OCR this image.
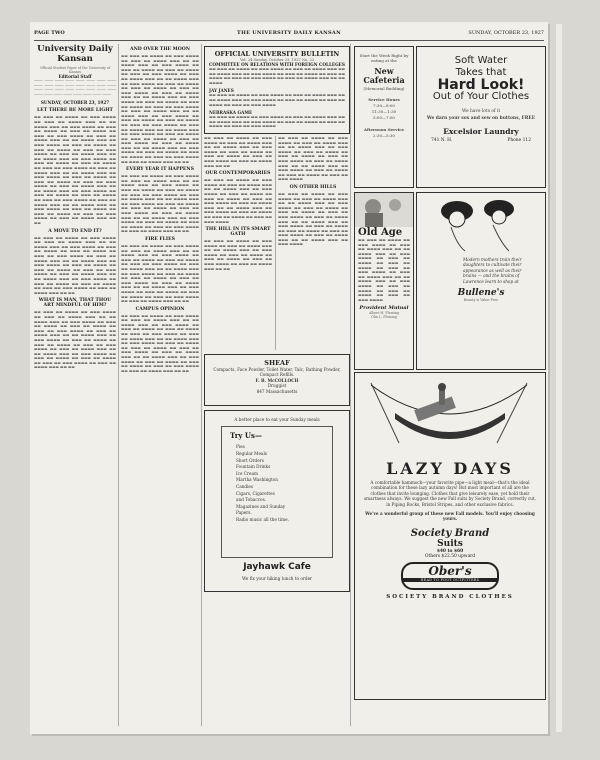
PAGE TWO	THE UNIVERSITY DAILY KANSAN	SUNDAY, OCTOBER 23, 1927
University Daily Kansan
Official Student Paper of the University of Kansas
Editorial Staff
──── ──── ──── ──── ──── ──── ──── ──── ──── ──── ──── ──── ──── ──── ──── ──── ──── ──── ──── ──── ──── ──── ──── ──── ──── ──── ──── ──── ──── ──── ──── ────
SUNDAY, OCTOBER 23, 1927
LET THERE BE MORE LIGHT
▬▬ ▬▬▬ ▬▬ ▬▬▬▬ ▬▬ ▬▬▬ ▬▬▬▬ ▬▬ ▬▬▬ ▬▬ ▬▬▬▬ ▬▬▬ ▬▬ ▬▬ ▬▬▬▬ ▬▬▬ ▬▬ ▬▬▬ ▬▬▬▬ ▬▬ ▬▬▬ ▬▬ ▬▬▬▬ ▬▬ ▬▬▬ ▬▬ ▬▬▬▬ ▬▬ ▬▬▬ ▬▬ ▬▬▬ ▬▬▬▬ ▬▬ ▬▬▬ ▬▬ ▬▬▬▬ ▬▬▬ ▬▬ ▬▬ ▬▬▬▬ ▬▬▬ ▬▬ ▬▬▬ ▬▬▬▬ ▬▬ ▬▬▬ ▬▬ ▬▬▬▬ ▬▬ ▬▬▬ ▬▬ ▬▬▬▬ ▬▬ ▬▬▬ ▬▬ ▬▬▬ ▬▬▬▬ ▬▬ ▬▬▬ ▬▬ ▬▬▬▬ ▬▬▬ ▬▬ ▬▬ ▬▬▬▬ ▬▬▬ ▬▬ ▬▬▬ ▬▬▬▬ ▬▬ ▬▬▬ ▬▬ ▬▬▬▬ ▬▬ ▬▬▬ ▬▬ ▬▬▬▬ ▬▬ ▬▬▬ ▬▬ ▬▬▬ ▬▬▬▬ ▬▬ ▬▬▬ ▬▬ ▬▬▬▬ ▬▬▬ ▬▬ ▬▬ ▬▬▬▬ ▬▬▬ ▬▬ ▬▬▬ ▬▬▬▬ ▬▬ ▬▬▬ ▬▬ ▬▬▬▬ ▬▬ ▬▬▬ ▬▬ ▬▬▬▬ ▬▬ ▬▬▬ ▬▬ ▬▬▬ ▬▬▬▬ ▬▬ ▬▬▬ ▬▬ ▬▬▬▬ ▬▬▬ ▬▬ ▬▬ ▬▬▬▬ ▬▬▬ ▬▬ ▬▬▬ ▬▬▬▬ ▬▬ ▬▬▬ ▬▬ ▬▬▬▬ ▬▬ ▬▬▬ ▬▬ ▬▬▬▬ ▬▬ ▬▬▬ ▬▬ ▬▬▬ ▬▬▬▬ ▬▬ ▬▬▬ ▬▬ ▬▬▬▬ ▬▬▬ ▬▬ ▬▬ ▬▬▬▬ ▬▬▬ ▬▬ ▬▬▬ ▬▬▬▬ ▬▬ ▬▬▬ ▬▬ ▬▬▬▬ ▬▬ ▬▬▬ ▬▬ ▬▬▬▬ ▬▬ ▬▬▬ ▬▬ ▬▬▬ ▬▬▬▬ ▬▬ ▬▬▬ ▬▬ ▬▬▬▬ ▬▬▬ ▬▬ ▬▬
A MOVE TO END IT?
▬▬ ▬▬▬ ▬▬ ▬▬▬▬ ▬▬ ▬▬▬ ▬▬▬▬ ▬▬ ▬▬▬ ▬▬ ▬▬▬▬ ▬▬▬ ▬▬ ▬▬ ▬▬▬▬ ▬▬▬ ▬▬ ▬▬▬ ▬▬▬▬ ▬▬ ▬▬▬ ▬▬ ▬▬▬▬ ▬▬ ▬▬▬ ▬▬ ▬▬▬▬ ▬▬ ▬▬▬ ▬▬ ▬▬▬ ▬▬▬▬ ▬▬ ▬▬▬ ▬▬ ▬▬▬▬ ▬▬▬ ▬▬ ▬▬ ▬▬▬▬ ▬▬▬ ▬▬ ▬▬▬ ▬▬▬▬ ▬▬ ▬▬▬ ▬▬ ▬▬▬▬ ▬▬ ▬▬▬ ▬▬ ▬▬▬▬ ▬▬ ▬▬▬ ▬▬ ▬▬▬ ▬▬▬▬ ▬▬ ▬▬▬ ▬▬ ▬▬▬▬ ▬▬▬ ▬▬ ▬▬ ▬▬▬▬ ▬▬▬ ▬▬ ▬▬▬ ▬▬▬▬ ▬▬ ▬▬▬ ▬▬ ▬▬▬▬ ▬▬ ▬▬▬ ▬▬ ▬▬▬▬ ▬▬ ▬▬▬ ▬▬ ▬▬▬ ▬▬▬▬ ▬▬ ▬▬▬ ▬▬ ▬▬▬▬ ▬▬▬ ▬▬ ▬▬
WHAT IS MAN, THAT THOU ART MINDFUL OF HIM?
▬▬ ▬▬▬ ▬▬ ▬▬▬▬ ▬▬ ▬▬▬ ▬▬▬▬ ▬▬ ▬▬▬ ▬▬ ▬▬▬▬ ▬▬▬ ▬▬ ▬▬ ▬▬▬▬ ▬▬▬ ▬▬ ▬▬▬ ▬▬▬▬ ▬▬ ▬▬▬ ▬▬ ▬▬▬▬ ▬▬ ▬▬▬ ▬▬ ▬▬▬▬ ▬▬ ▬▬▬ ▬▬ ▬▬▬ ▬▬▬▬ ▬▬ ▬▬▬ ▬▬ ▬▬▬▬ ▬▬▬ ▬▬ ▬▬ ▬▬▬▬ ▬▬▬ ▬▬ ▬▬▬ ▬▬▬▬ ▬▬ ▬▬▬ ▬▬ ▬▬▬▬ ▬▬ ▬▬▬ ▬▬ ▬▬▬▬ ▬▬ ▬▬▬ ▬▬ ▬▬▬ ▬▬▬▬ ▬▬ ▬▬▬ ▬▬ ▬▬▬▬ ▬▬▬ ▬▬ ▬▬ ▬▬▬▬ ▬▬▬ ▬▬ ▬▬▬ ▬▬▬▬ ▬▬ ▬▬▬ ▬▬ ▬▬▬▬ ▬▬ ▬▬▬ ▬▬ ▬▬▬▬ ▬▬ ▬▬▬ ▬▬ ▬▬▬ ▬▬▬▬ ▬▬ ▬▬▬ ▬▬ ▬▬▬▬ ▬▬▬ ▬▬ ▬▬
AND OVER THE MOON
▬▬ ▬▬▬ ▬▬ ▬▬▬▬ ▬▬ ▬▬▬ ▬▬▬▬ ▬▬ ▬▬▬ ▬▬ ▬▬▬▬ ▬▬▬ ▬▬ ▬▬ ▬▬▬▬ ▬▬▬ ▬▬ ▬▬▬ ▬▬▬▬ ▬▬ ▬▬▬ ▬▬ ▬▬▬▬ ▬▬ ▬▬▬ ▬▬ ▬▬▬▬ ▬▬ ▬▬▬ ▬▬ ▬▬▬ ▬▬▬▬ ▬▬ ▬▬▬ ▬▬ ▬▬▬▬ ▬▬▬ ▬▬ ▬▬ ▬▬▬▬ ▬▬▬ ▬▬ ▬▬▬ ▬▬▬▬ ▬▬ ▬▬▬ ▬▬ ▬▬▬▬ ▬▬ ▬▬▬ ▬▬ ▬▬▬▬ ▬▬ ▬▬▬ ▬▬ ▬▬▬ ▬▬▬▬ ▬▬ ▬▬▬ ▬▬ ▬▬▬▬ ▬▬▬ ▬▬ ▬▬ ▬▬▬▬ ▬▬▬ ▬▬ ▬▬▬ ▬▬▬▬ ▬▬ ▬▬▬ ▬▬ ▬▬▬▬ ▬▬ ▬▬▬ ▬▬ ▬▬▬▬ ▬▬ ▬▬▬ ▬▬ ▬▬▬ ▬▬▬▬ ▬▬ ▬▬▬ ▬▬ ▬▬▬▬ ▬▬▬ ▬▬ ▬▬ ▬▬▬▬ ▬▬▬ ▬▬ ▬▬▬ ▬▬▬▬ ▬▬ ▬▬▬ ▬▬ ▬▬▬▬ ▬▬ ▬▬▬ ▬▬ ▬▬▬▬ ▬▬ ▬▬▬ ▬▬ ▬▬▬ ▬▬▬▬ ▬▬ ▬▬▬ ▬▬ ▬▬▬▬ ▬▬▬ ▬▬ ▬▬ ▬▬▬▬ ▬▬▬ ▬▬ ▬▬▬ ▬▬▬▬ ▬▬ ▬▬▬ ▬▬ ▬▬▬▬ ▬▬ ▬▬▬ ▬▬ ▬▬▬▬ ▬▬ ▬▬▬ ▬▬ ▬▬▬ ▬▬▬▬ ▬▬ ▬▬▬ ▬▬ ▬▬▬▬ ▬▬▬ ▬▬ ▬▬ ▬▬▬▬ ▬▬▬ ▬▬ ▬▬▬ ▬▬▬▬ ▬▬ ▬▬▬ ▬▬ ▬▬▬▬ ▬▬ ▬▬▬ ▬▬ ▬▬▬▬ ▬▬ ▬▬▬ ▬▬ ▬▬▬ ▬▬▬▬ ▬▬ ▬▬▬ ▬▬ ▬▬▬▬ ▬▬▬ ▬▬ ▬▬
EVERY YEAR IT HAPPENS
▬▬ ▬▬▬ ▬▬ ▬▬▬▬ ▬▬ ▬▬▬ ▬▬▬▬ ▬▬ ▬▬▬ ▬▬ ▬▬▬▬ ▬▬▬ ▬▬ ▬▬ ▬▬▬▬ ▬▬▬ ▬▬ ▬▬▬ ▬▬▬▬ ▬▬ ▬▬▬ ▬▬ ▬▬▬▬ ▬▬ ▬▬▬ ▬▬ ▬▬▬▬ ▬▬ ▬▬▬ ▬▬ ▬▬▬ ▬▬▬▬ ▬▬ ▬▬▬ ▬▬ ▬▬▬▬ ▬▬▬ ▬▬ ▬▬ ▬▬▬▬ ▬▬▬ ▬▬ ▬▬▬ ▬▬▬▬ ▬▬ ▬▬▬ ▬▬ ▬▬▬▬ ▬▬ ▬▬▬ ▬▬ ▬▬▬▬ ▬▬ ▬▬▬ ▬▬ ▬▬▬ ▬▬▬▬ ▬▬ ▬▬▬ ▬▬ ▬▬▬▬ ▬▬▬ ▬▬ ▬▬ ▬▬▬▬ ▬▬▬ ▬▬ ▬▬▬ ▬▬▬▬ ▬▬ ▬▬▬ ▬▬ ▬▬▬▬ ▬▬ ▬▬▬ ▬▬ ▬▬▬▬ ▬▬ ▬▬▬ ▬▬ ▬▬▬ ▬▬▬▬ ▬▬ ▬▬▬ ▬▬ ▬▬▬▬ ▬▬▬ ▬▬ ▬▬
FIRE FLIES
▬▬ ▬▬▬ ▬▬ ▬▬▬▬ ▬▬ ▬▬▬ ▬▬▬▬ ▬▬ ▬▬▬ ▬▬ ▬▬▬▬ ▬▬▬ ▬▬ ▬▬ ▬▬▬▬ ▬▬▬ ▬▬ ▬▬▬ ▬▬▬▬ ▬▬ ▬▬▬ ▬▬ ▬▬▬▬ ▬▬ ▬▬▬ ▬▬ ▬▬▬▬ ▬▬ ▬▬▬ ▬▬ ▬▬▬ ▬▬▬▬ ▬▬ ▬▬▬ ▬▬ ▬▬▬▬ ▬▬▬ ▬▬ ▬▬ ▬▬▬▬ ▬▬▬ ▬▬ ▬▬▬ ▬▬▬▬ ▬▬ ▬▬▬ ▬▬ ▬▬▬▬ ▬▬ ▬▬▬ ▬▬ ▬▬▬▬ ▬▬ ▬▬▬ ▬▬ ▬▬▬ ▬▬▬▬ ▬▬ ▬▬▬ ▬▬ ▬▬▬▬ ▬▬▬ ▬▬ ▬▬ ▬▬▬▬ ▬▬▬ ▬▬ ▬▬▬ ▬▬▬▬ ▬▬ ▬▬▬ ▬▬ ▬▬▬▬ ▬▬ ▬▬▬ ▬▬ ▬▬▬▬ ▬▬ ▬▬▬ ▬▬ ▬▬▬ ▬▬▬▬ ▬▬ ▬▬▬ ▬▬ ▬▬▬▬ ▬▬▬ ▬▬ ▬▬
CAMPUS OPINION
▬▬ ▬▬▬ ▬▬ ▬▬▬▬ ▬▬ ▬▬▬ ▬▬▬▬ ▬▬ ▬▬▬ ▬▬ ▬▬▬▬ ▬▬▬ ▬▬ ▬▬ ▬▬▬▬ ▬▬▬ ▬▬ ▬▬▬ ▬▬▬▬ ▬▬ ▬▬▬ ▬▬ ▬▬▬▬ ▬▬ ▬▬▬ ▬▬ ▬▬▬▬ ▬▬ ▬▬▬ ▬▬ ▬▬▬ ▬▬▬▬ ▬▬ ▬▬▬ ▬▬ ▬▬▬▬ ▬▬▬ ▬▬ ▬▬ ▬▬▬▬ ▬▬▬ ▬▬ ▬▬▬ ▬▬▬▬ ▬▬ ▬▬▬ ▬▬ ▬▬▬▬ ▬▬ ▬▬▬ ▬▬ ▬▬▬▬ ▬▬ ▬▬▬ ▬▬ ▬▬▬ ▬▬▬▬ ▬▬ ▬▬▬ ▬▬ ▬▬▬▬ ▬▬▬ ▬▬ ▬▬ ▬▬▬▬ ▬▬▬ ▬▬ ▬▬▬ ▬▬▬▬ ▬▬ ▬▬▬ ▬▬ ▬▬▬▬ ▬▬ ▬▬▬ ▬▬ ▬▬▬▬ ▬▬ ▬▬▬ ▬▬ ▬▬▬ ▬▬▬▬ ▬▬ ▬▬▬ ▬▬ ▬▬▬▬ ▬▬▬ ▬▬ ▬▬
OFFICIAL UNIVERSITY BULLETIN
Vol. 24 Sunday, October 23, 1927 No. 23
COMMITTEE ON RELATIONS WITH FOREIGN COLLEGES
▬▬ ▬▬▬ ▬▬ ▬▬▬▬ ▬▬ ▬▬▬ ▬▬▬▬ ▬▬ ▬▬▬ ▬▬ ▬▬▬▬ ▬▬▬ ▬▬ ▬▬ ▬▬▬▬ ▬▬▬ ▬▬ ▬▬▬ ▬▬▬▬ ▬▬ ▬▬▬ ▬▬ ▬▬▬▬ ▬▬ ▬▬▬ ▬▬ ▬▬▬▬ ▬▬ ▬▬▬ ▬▬ ▬▬▬ ▬▬▬▬ ▬▬ ▬▬▬ ▬▬ ▬▬▬▬ ▬▬▬ ▬▬ ▬▬ ▬▬▬▬
JAY JANES
▬▬ ▬▬▬ ▬▬ ▬▬▬▬ ▬▬ ▬▬▬ ▬▬▬▬ ▬▬ ▬▬▬ ▬▬ ▬▬▬▬ ▬▬▬ ▬▬ ▬▬ ▬▬▬▬ ▬▬▬ ▬▬ ▬▬▬ ▬▬▬▬ ▬▬ ▬▬▬ ▬▬ ▬▬▬▬ ▬▬ ▬▬▬ ▬▬ ▬▬▬▬ ▬▬ ▬▬▬ ▬▬ ▬▬▬ ▬▬▬▬
NEBRASKA GAME
▬▬ ▬▬▬ ▬▬ ▬▬▬▬ ▬▬ ▬▬▬ ▬▬▬▬ ▬▬ ▬▬▬ ▬▬ ▬▬▬▬ ▬▬▬ ▬▬ ▬▬ ▬▬▬▬ ▬▬▬ ▬▬ ▬▬▬ ▬▬▬▬ ▬▬ ▬▬▬ ▬▬ ▬▬▬▬ ▬▬ ▬▬▬ ▬▬ ▬▬▬▬ ▬▬ ▬▬▬ ▬▬ ▬▬▬ ▬▬▬▬
▬▬ ▬▬▬ ▬▬ ▬▬▬▬ ▬▬ ▬▬▬ ▬▬▬▬ ▬▬ ▬▬▬ ▬▬ ▬▬▬▬ ▬▬▬ ▬▬ ▬▬ ▬▬▬▬ ▬▬▬ ▬▬ ▬▬▬ ▬▬▬▬ ▬▬ ▬▬▬ ▬▬ ▬▬▬▬ ▬▬ ▬▬▬ ▬▬ ▬▬▬▬ ▬▬ ▬▬▬ ▬▬ ▬▬▬ ▬▬▬▬ ▬▬ ▬▬▬ ▬▬ ▬▬▬▬ ▬▬▬ ▬▬ ▬▬
OUR CONTEMPORARIES
▬▬ ▬▬▬ ▬▬ ▬▬▬▬ ▬▬ ▬▬▬ ▬▬▬▬ ▬▬ ▬▬▬ ▬▬ ▬▬▬▬ ▬▬▬ ▬▬ ▬▬ ▬▬▬▬ ▬▬▬ ▬▬ ▬▬▬ ▬▬▬▬ ▬▬ ▬▬▬ ▬▬ ▬▬▬▬ ▬▬ ▬▬▬ ▬▬ ▬▬▬▬ ▬▬ ▬▬▬ ▬▬ ▬▬▬ ▬▬▬▬ ▬▬ ▬▬▬ ▬▬ ▬▬▬▬ ▬▬▬ ▬▬ ▬▬ ▬▬▬▬ ▬▬▬ ▬▬ ▬▬▬ ▬▬▬▬ ▬▬ ▬▬▬ ▬▬ ▬▬▬▬ ▬▬ ▬▬▬ ▬▬ ▬▬▬▬ ▬▬ ▬▬▬ ▬▬ ▬▬▬ ▬▬▬▬
THE HILL IN ITS SMART GATH
▬▬ ▬▬▬ ▬▬ ▬▬▬▬ ▬▬ ▬▬▬ ▬▬▬▬ ▬▬ ▬▬▬ ▬▬ ▬▬▬▬ ▬▬▬ ▬▬ ▬▬ ▬▬▬▬ ▬▬▬ ▬▬ ▬▬▬ ▬▬▬▬ ▬▬ ▬▬▬ ▬▬ ▬▬▬▬ ▬▬ ▬▬▬ ▬▬ ▬▬▬▬ ▬▬ ▬▬▬ ▬▬ ▬▬▬ ▬▬▬▬ ▬▬ ▬▬▬ ▬▬ ▬▬▬▬ ▬▬▬ ▬▬ ▬▬
▬▬ ▬▬▬ ▬▬ ▬▬▬▬ ▬▬ ▬▬▬ ▬▬▬▬ ▬▬ ▬▬▬ ▬▬ ▬▬▬▬ ▬▬▬ ▬▬ ▬▬ ▬▬▬▬ ▬▬▬ ▬▬ ▬▬▬ ▬▬▬▬ ▬▬ ▬▬▬ ▬▬ ▬▬▬▬ ▬▬ ▬▬▬ ▬▬ ▬▬▬▬ ▬▬ ▬▬▬ ▬▬ ▬▬▬ ▬▬▬▬ ▬▬ ▬▬▬ ▬▬ ▬▬▬▬ ▬▬▬ ▬▬ ▬▬ ▬▬▬▬ ▬▬▬ ▬▬ ▬▬▬ ▬▬▬▬ ▬▬ ▬▬▬ ▬▬ ▬▬▬▬ ▬▬ ▬▬▬ ▬▬ ▬▬▬▬ ▬▬ ▬▬▬ ▬▬ ▬▬▬ ▬▬▬▬
ON OTHER HILLS
▬▬ ▬▬▬ ▬▬ ▬▬▬▬ ▬▬ ▬▬▬ ▬▬▬▬ ▬▬ ▬▬▬ ▬▬ ▬▬▬▬ ▬▬▬ ▬▬ ▬▬ ▬▬▬▬ ▬▬▬ ▬▬ ▬▬▬ ▬▬▬▬ ▬▬ ▬▬▬ ▬▬ ▬▬▬▬ ▬▬ ▬▬▬ ▬▬ ▬▬▬▬ ▬▬ ▬▬▬ ▬▬ ▬▬▬ ▬▬▬▬ ▬▬ ▬▬▬ ▬▬ ▬▬▬▬ ▬▬▬ ▬▬ ▬▬ ▬▬▬▬ ▬▬▬ ▬▬ ▬▬▬ ▬▬▬▬ ▬▬ ▬▬▬ ▬▬ ▬▬▬▬ ▬▬ ▬▬▬ ▬▬ ▬▬▬▬ ▬▬ ▬▬▬ ▬▬ ▬▬▬ ▬▬▬▬ ▬▬ ▬▬▬ ▬▬ ▬▬▬▬ ▬▬▬ ▬▬ ▬▬ ▬▬▬▬ ▬▬▬ ▬▬ ▬▬▬ ▬▬▬▬
SHEAF
Compacts, Face Powder, Toilet Water, Talc, Bathing Powder, Compact Refills.
F. B. McCOLLOCH
Druggist
847 Massachusetts
A better place to eat your Sunday meals
Try Us—
Pies
Regular Meals
Short Orders
Fountain Drinks
Ice Cream
Martha Washington
Candies
Cigars, Cigarettes
and Tobaccos.
Magazines and Sunday
Papers.
Radio music all the time.
Jayhawk Cafe
We fix your hiking lunch to order
Start the Week Right by eating at the
New Cafeteria
(Memorial Building)
Service Hours
7:30—8:00
11:30—1:30
5:00—7:00
Afternoon Service
2:30—5:30
Soft Water
Takes that
Hard Look!
Out of Your Clothes
We have lots of it
We darn your sox and sew on buttons, FREE
Excelsior Laundry
741 N. H.	Phone 112
Old Age
▬▬ ▬▬▬ ▬▬ ▬▬▬▬ ▬▬ ▬▬▬ ▬▬▬▬ ▬▬ ▬▬▬ ▬▬ ▬▬▬▬ ▬▬▬ ▬▬ ▬▬ ▬▬▬▬ ▬▬▬ ▬▬ ▬▬▬ ▬▬▬▬ ▬▬ ▬▬▬ ▬▬ ▬▬▬▬ ▬▬ ▬▬▬ ▬▬ ▬▬▬▬ ▬▬ ▬▬▬ ▬▬ ▬▬▬ ▬▬▬▬ ▬▬ ▬▬▬ ▬▬ ▬▬▬▬ ▬▬▬ ▬▬ ▬▬ ▬▬▬▬ ▬▬▬ ▬▬ ▬▬▬ ▬▬▬▬ ▬▬ ▬▬▬ ▬▬ ▬▬▬▬ ▬▬ ▬▬▬ ▬▬ ▬▬▬▬ ▬▬ ▬▬▬ ▬▬ ▬▬▬ ▬▬▬▬
Provident Mutual
Albert H. Fleming
Olin L. Fleming
Modern mothers train their daughters to cultivate their appearance as well as their brains — and the brains of Lawrence learn to shop at
Bullene's
Beauty is Value Free
LAZY DAYS
A comfortable hammock—your favorite pipe—a light meal—that's the ideal combination for these lazy autumn days! But most important of all are the clothes that invite lounging. Clothes that give leisurely ease, yet hold their smartness always. We suggest the new Fall suits by Society Brand, correctly cut, in Piping Rocks, Bristol Stripes, and other exclusive fabrics.
We've a wonderful group of these new Fall models. You'll enjoy choosing yours.
Society Brand
Suits
$40 to $60
Others $22.50 upward
Ober's
HEAD TO FOOT OUTFITTERS
SOCIETY BRAND CLOTHES
